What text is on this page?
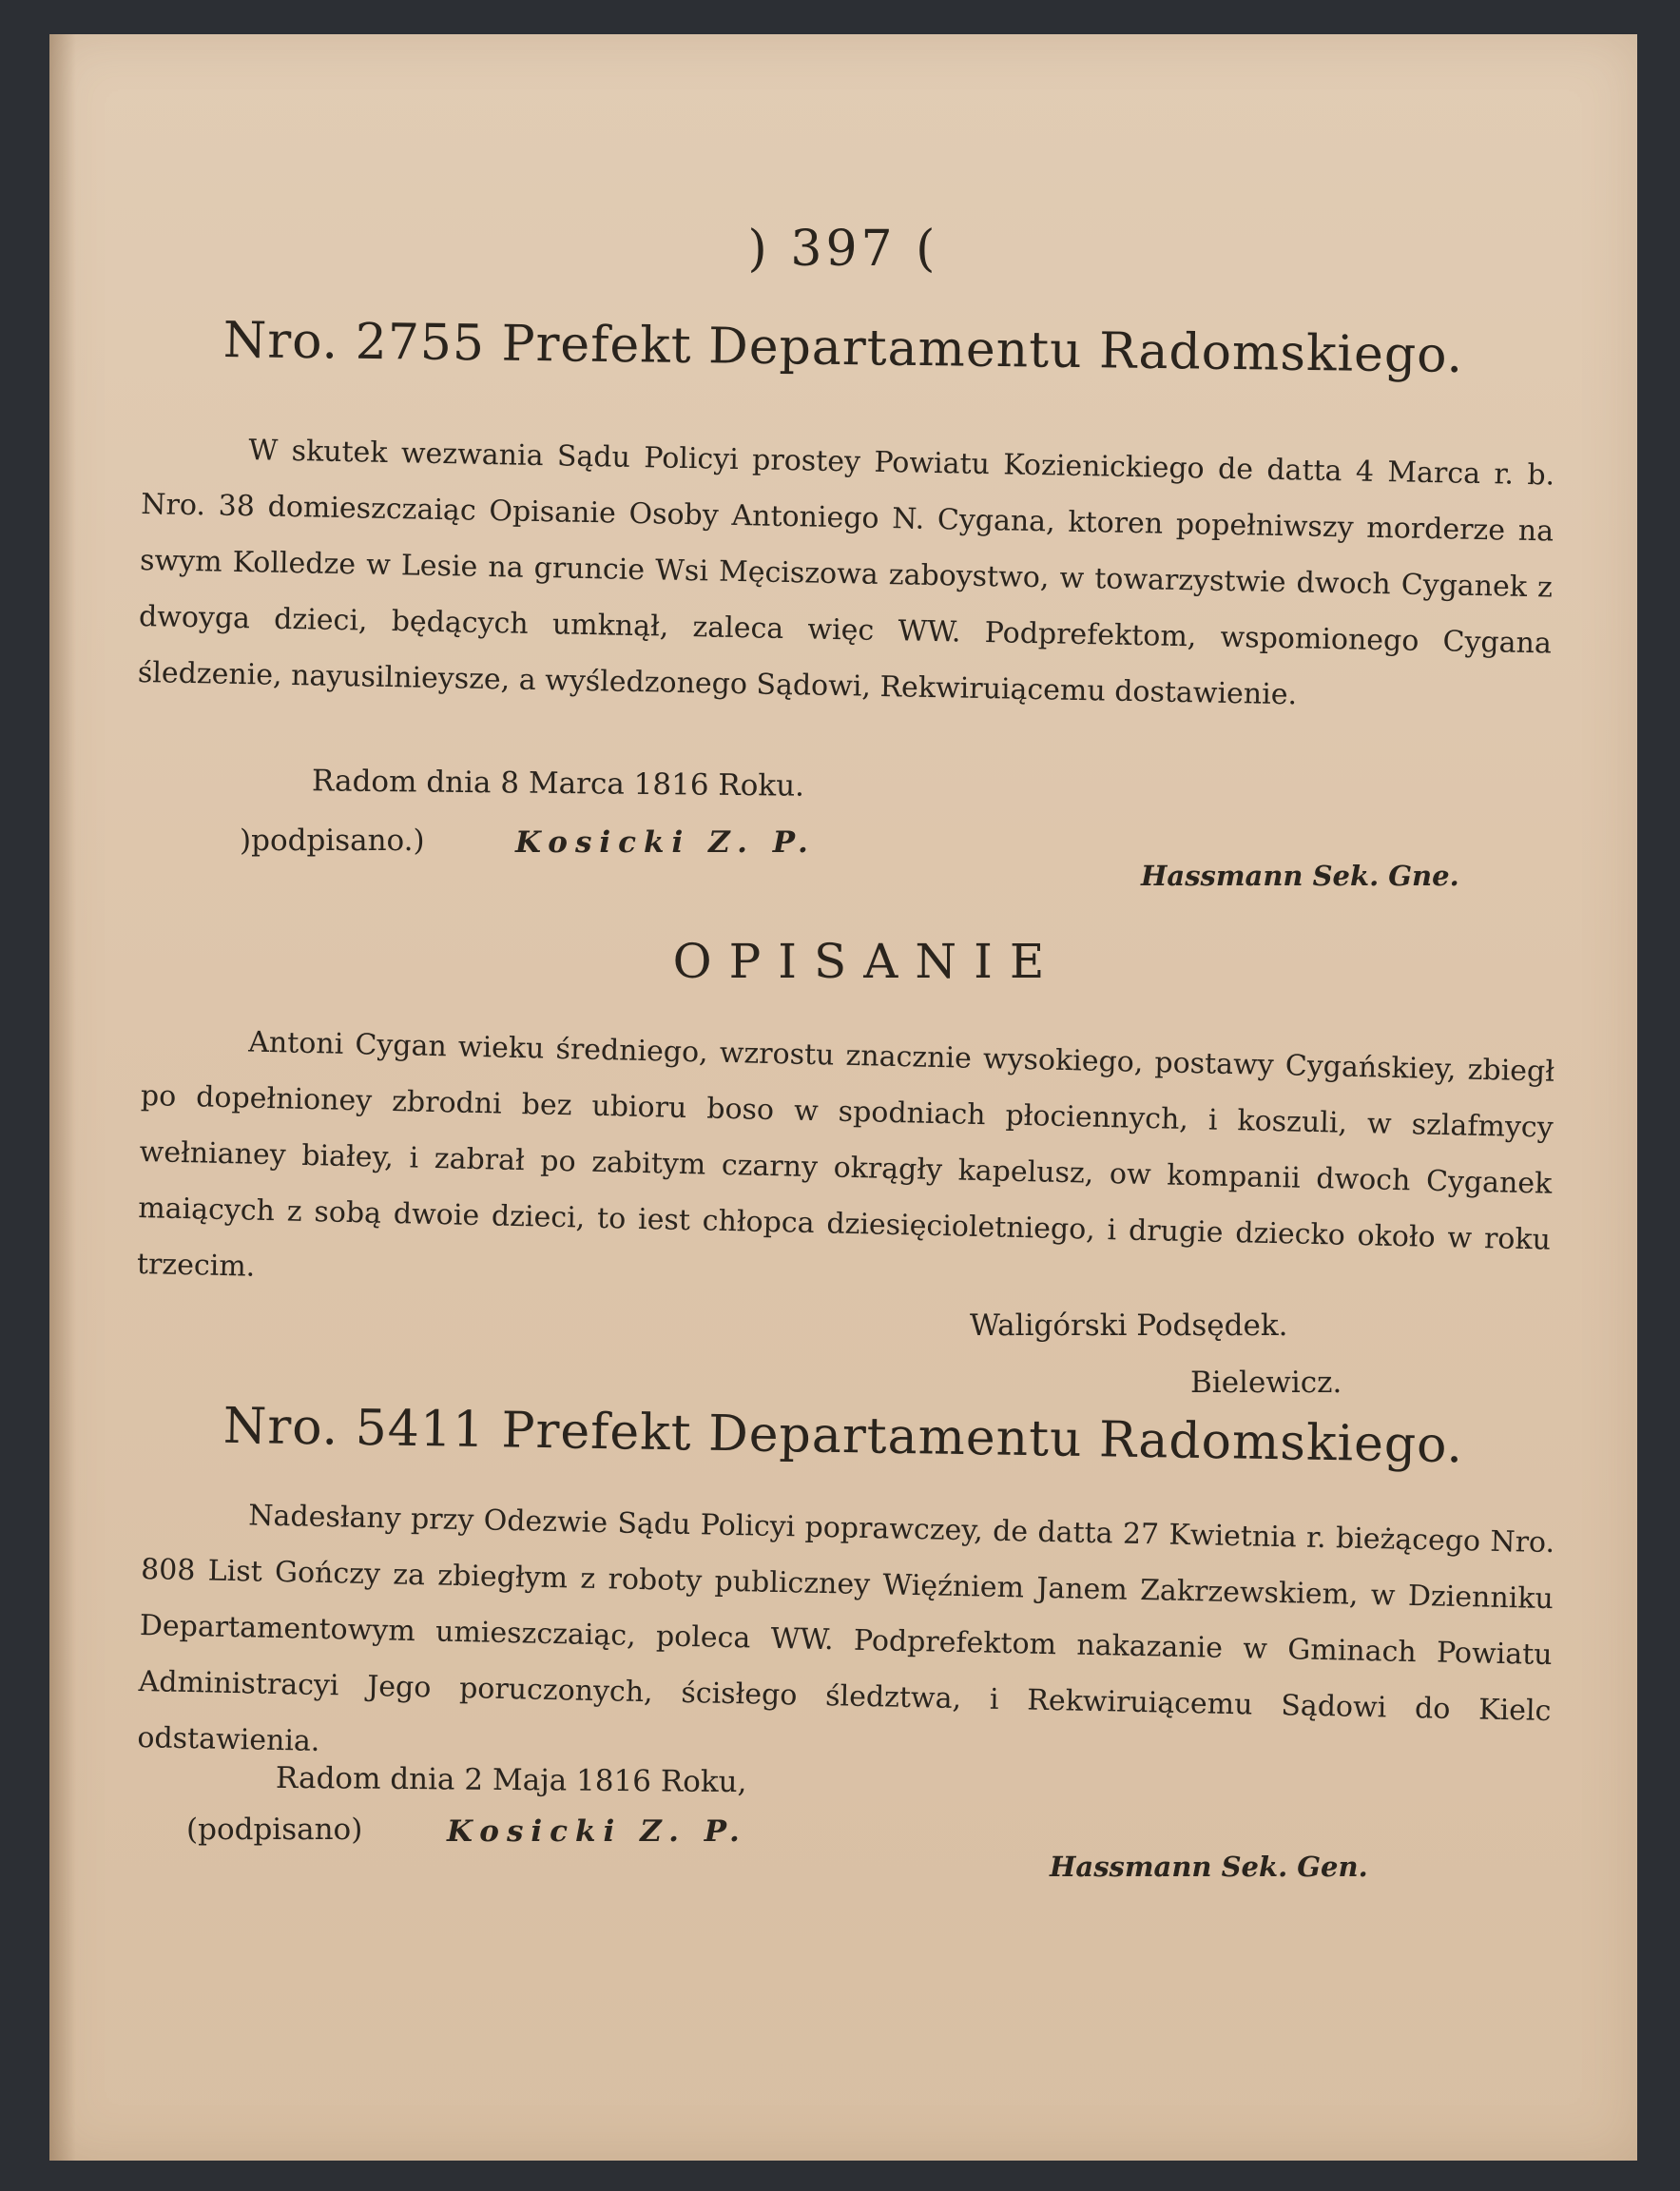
) 397 (
Nro. 2755 Prefekt Departamentu Radomskiego.
W skutek wezwania Sądu Policyi prostey Powiatu Kozienickiego de datta 4 Marca r. b. Nro. 38 domieszczaiąc Opisanie Osoby Antoniego N. Cygana, ktoren popełniwszy morderze na swym Kolledze w Lesie na gruncie Wsi Męciszowa zaboystwo, w towarzystwie dwoch Cyganek z dwoyga dzieci, będących umknął, zaleca więc WW. Podprefektom, wspomionego Cygana śledzenie, nayusilnieysze, a wyśledzonego Sądowi, Rekwiruiącemu dostawienie.
Radom dnia 8 Marca 1816 Roku.
)podpisano.)	Kosicki Z. P.
Hassmann Sek. Gne.
OPISANIE
Antoni Cygan wieku średniego, wzrostu znacznie wysokiego, postawy Cygańskiey, zbiegł po dopełnioney zbrodni bez ubioru boso w spodniach płociennych, i koszuli, w szlafmycy wełnianey białey, i zabrał po zabitym czarny okrągły kapelusz, ow kompanii dwoch Cyganek maiących z sobą dwoie dzieci, to iest chłopca dziesięcioletniego, i drugie dziecko około w roku trzecim.
Waligórski Podsędek.
Bielewicz.
Nro. 5411 Prefekt Departamentu Radomskiego.
Nadesłany przy Odezwie Sądu Policyi poprawczey, de datta 27 Kwietnia r. bieżącego Nro. 808 List Gończy za zbiegłym z roboty publiczney Więźniem Janem Zakrzewskiem, w Dzienniku Departamentowym umieszczaiąc, poleca WW. Podprefektom nakazanie w Gminach Powiatu Administracyi Jego poruczonych, ścisłego śledztwa, i Rekwiruiącemu Sądowi do Kielc odstawienia.
Radom dnia 2 Maja 1816 Roku,
(podpisano)	Kosicki Z. P.
Hassmann Sek. Gen.
